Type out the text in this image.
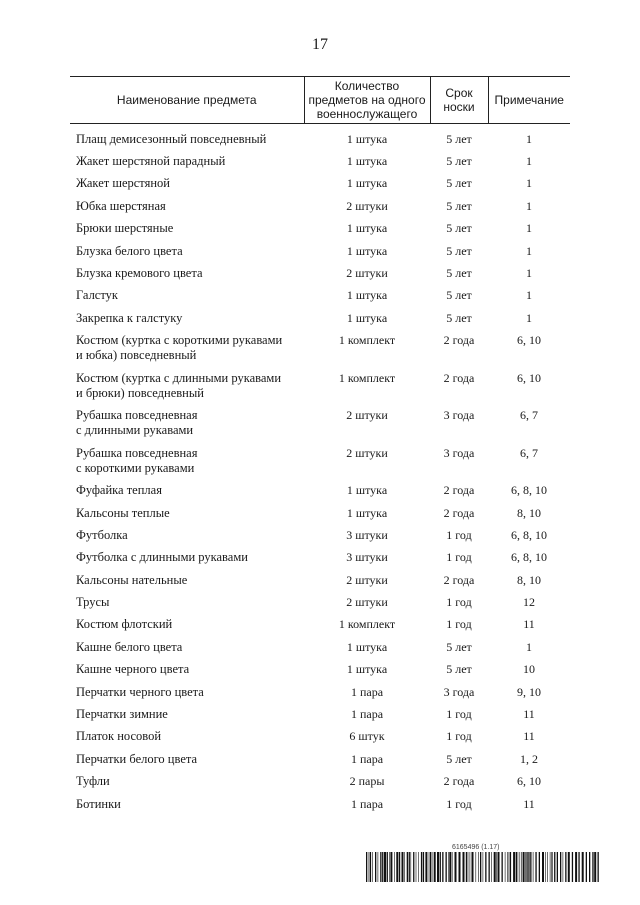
17
Наименование предмета	Количество предметов на одного военнослужащего	Срок носки	Примечание
Плащ демисезонный повседневный	1 штука	5 лет	1
Жакет шерстяной парадный	1 штука	5 лет	1
Жакет шерстяной	1 штука	5 лет	1
Юбка шерстяная	2 штуки	5 лет	1
Брюки шерстяные	1 штука	5 лет	1
Блузка белого цвета	1 штука	5 лет	1
Блузка кремового цвета	2 штуки	5 лет	1
Галстук	1 штука	5 лет	1
Закрепка к галстуку	1 штука	5 лет	1
Костюм (куртка с короткими рукавами
и юбка) повседневный	1 комплект	2 года	6, 10
Костюм (куртка с длинными рукавами
и брюки) повседневный	1 комплект	2 года	6, 10
Рубашка повседневная
с длинными рукавами	2 штуки	3 года	6, 7
Рубашка повседневная
с короткими рукавами	2 штуки	3 года	6, 7
Фуфайка теплая	1 штука	2 года	6, 8, 10
Кальсоны теплые	1 штука	2 года	8, 10
Футболка	3 штуки	1 год	6, 8, 10
Футболка с длинными рукавами	3 штуки	1 год	6, 8, 10
Кальсоны нательные	2 штуки	2 года	8, 10
Трусы	2 штуки	1 год	12
Костюм флотский	1 комплект	1 год	11
Кашне белого цвета	1 штука	5 лет	1
Кашне черного цвета	1 штука	5 лет	10
Перчатки черного цвета	1 пара	3 года	9, 10
Перчатки зимние	1 пара	1 год	11
Платок носовой	6 штук	1 год	11
Перчатки белого цвета	1 пара	5 лет	1, 2
Туфли	2 пары	2 года	6, 10
Ботинки	1 пара	1 год	11
6165496 (1.17)
